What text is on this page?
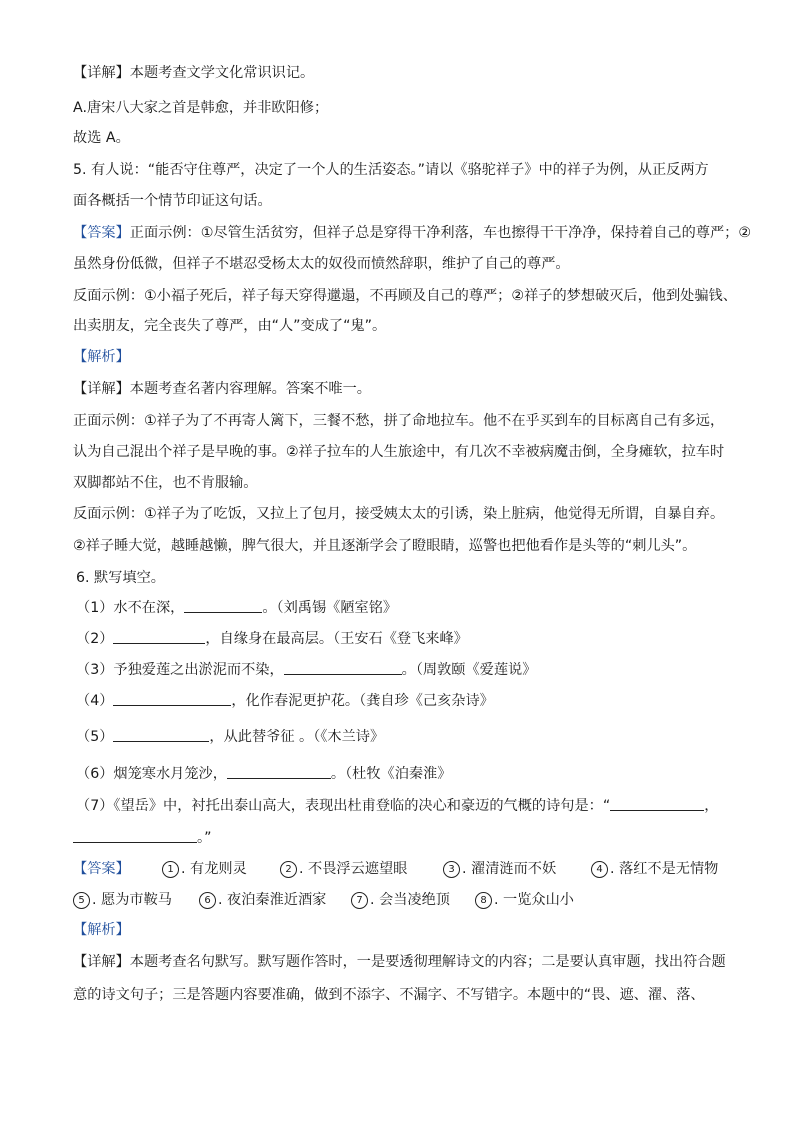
【详解】本题考查文学文化常识识记。
A.唐宋八大家之首是韩愈，并非欧阳修；
故选 A。
5. 有人说：“能否守住尊严，决定了一个人的生活姿态。”请以《骆驼祥子》中的祥子为例，从正反两方
面各概括一个情节印证这句话。
【答案】正面示例：①尽管生活贫穷，但祥子总是穿得干净利落，车也擦得干干净净，保持着自己的尊严；②
虽然身份低微，但祥子不堪忍受杨太太的奴役而愤然辞职，维护了自己的尊严。
反面示例：①小福子死后，祥子每天穿得邋遢，不再顾及自己的尊严；②祥子的梦想破灭后，他到处骗钱、
出卖朋友，完全丧失了尊严，由“人”变成了“鬼”。
【解析】
【详解】本题考查名著内容理解。答案不唯一。
正面示例：①祥子为了不再寄人篱下，三餐不愁，拼了命地拉车。他不在乎买到车的目标离自己有多远，
认为自己混出个祥子是早晚的事。②祥子拉车的人生旅途中，有几次不幸被病魔击倒，全身瘫软，拉车时
双脚都站不住，也不肯服输。
反面示例：①祥子为了吃饭，又拉上了包月，接受姨太太的引诱，染上脏病，他觉得无所谓，自暴自弃。
②祥子睡大觉，越睡越懒，脾气很大，并且逐渐学会了瞪眼睛，巡警也把他看作是头等的“刺儿头”。
6. 默写填空。
（1）水不在深，	。（刘禹锡《陋室铭》
（2）	，自缘身在最高层。（王安石《登飞来峰》
（3）予独爱莲之出淤泥而不染，	。（周敦颐《爱莲说》
（4）	，化作春泥更护花。（龚自珍《己亥杂诗》
（5）	，从此替爷征 。（《木兰诗》
（6）烟笼寒水月笼沙，	。（杜牧《泊秦淮》
（7）《望岳》中，衬托出泰山高大，表现出杜甫登临的决心和豪迈的气概的诗句是：“	，
。”
【答案】	1 . 有龙则灵	2 . 不畏浮云遮望眼	3 . 濯清涟而不妖	4 . 落红不是无情物
5 . 愿为市鞍马	6 . 夜泊秦淮近酒家	7 . 会当凌绝顶	8 . 一览众山小
【解析】
【详解】本题考查名句默写。默写题作答时，一是要透彻理解诗文的内容；二是要认真审题，找出符合题
意的诗文句子；三是答题内容要准确，做到不添字、不漏字、不写错字。本题中的“畏、遮、濯、落、
